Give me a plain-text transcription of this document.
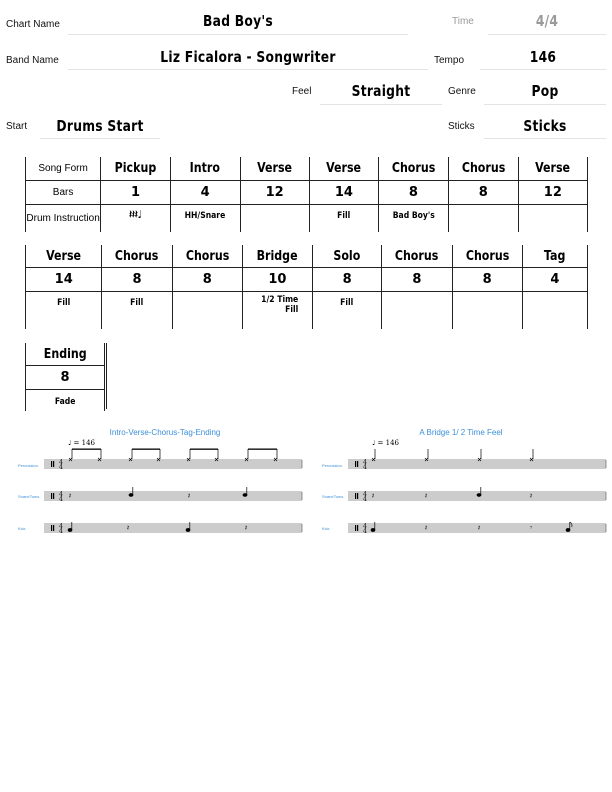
Chart Name	Bad Boy's	Time	4/4
Band Name	Liz Ficalora - Songwriter	Tempo	146
Feel	Straight	Genre	Pop
Start	Drums Start	Sticks	Sticks
Song Form	Pickup	Intro	Verse	Verse	Chorus	Chorus	Verse
Bars	1	4	12	14	8	8	12
Drum Instruction	𝄽𝄽𝄽♩	HH/Snare		Fill	Bad Boy's		
Verse	Chorus	Chorus	Bridge	Solo	Chorus	Chorus	Tag
14	8	8	10	8	8	8	4
Fill	Fill		1/2 Time Fill	Fill			
Ending
8
Fade
Intro-Verse-Chorus-Tag-Ending
Percussion
Snare/Toms
Kick
♩ = 146
4
4
4
4
4
4
𝄽	𝄽
𝄽	𝄽
A Bridge 1/ 2 Time Feel
Percussion
Snare/Toms
Kick
♩ = 146
4
4
4
4
4
4
𝄽	𝄽	𝄽
𝄽	𝄽	𝄾
